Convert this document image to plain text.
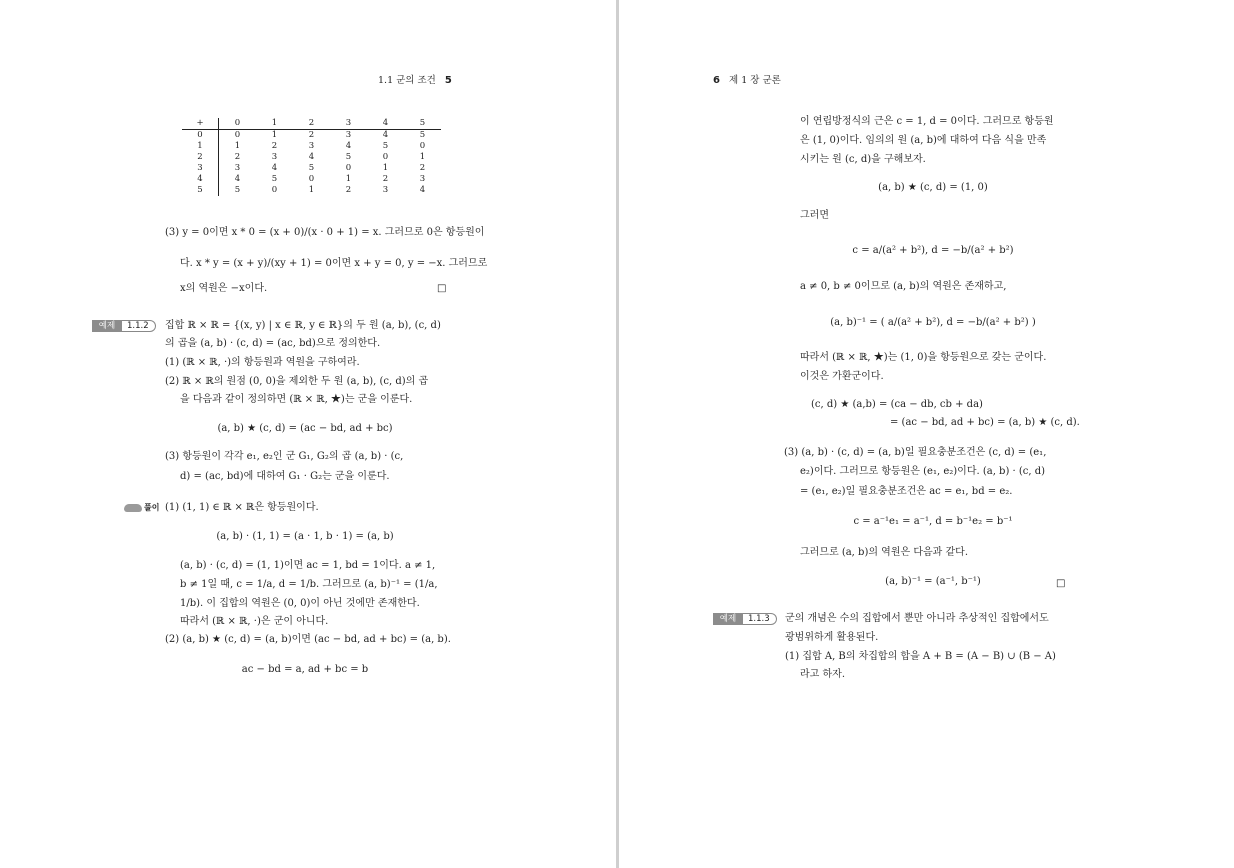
1.1 군의 조건 5
+	0	1	2	3	4	5
0	0	1	2	3	4	5
1	1	2	3	4	5	0
2	2	3	4	5	0	1
3	3	4	5	0	1	2
4	4	5	0	1	2	3
5	5	0	1	2	3	4
(3) y = 0이면 x * 0 = (x + 0)/(x · 0 + 1) = x. 그러므로 0은 항등원이
다. x * y = (x + y)/(xy + 1) = 0이면 x + y = 0, y = −x. 그러므로
x의 역원은 −x이다.	□
예제 1.1.2	집합 ℝ × ℝ = {(x, y) | x ∈ ℝ, y ∈ ℝ}의 두 원 (a, b), (c, d)
의 곱을 (a, b) · (c, d) = (ac, bd)으로 정의한다.
(1) (ℝ × ℝ, ·)의 항등원과 역원을 구하여라.
(2) ℝ × ℝ의 원점 (0, 0)을 제외한 두 원 (a, b), (c, d)의 곱
을 다음과 같이 정의하면 (ℝ × ℝ, ★)는 군을 이룬다.
(a, b) ★ (c, d) = (ac − bd, ad + bc)
(3) 항등원이 각각 e₁, e₂인 군 G₁, G₂의 곱 (a, b) · (c,
d) = (ac, bd)에 대하여 G₁ · G₂는 군을 이룬다.
풀이 (1) (1, 1) ∈ ℝ × ℝ은 항등원이다.
(a, b) · (1, 1) = (a · 1, b · 1) = (a, b)
(a, b) · (c, d) = (1, 1)이면 ac = 1, bd = 1이다. a ≠ 1,
b ≠ 1일 때, c = 1/a, d = 1/b. 그러므로 (a, b)⁻¹ = (1/a,
1/b). 이 집합의 역원은 (0, 0)이 아닌 것에만 존재한다.
따라서 (ℝ × ℝ, ·)은 군이 아니다.
(2) (a, b) ★ (c, d) = (a, b)이면 (ac − bd, ad + bc) = (a, b).
ac − bd = a, ad + bc = b
6 제 1 장 군론
이 연립방정식의 근은 c = 1, d = 0이다. 그러므로 항등원
은 (1, 0)이다. 임의의 원 (a, b)에 대하여 다음 식을 만족
시키는 원 (c, d)을 구해보자.
(a, b) ★ (c, d) = (1, 0)
그러면
c = a/(a² + b²), d = −b/(a² + b²)
a ≠ 0, b ≠ 0이므로 (a, b)의 역원은 존재하고,
(a, b)⁻¹ = ( a/(a² + b²), d = −b/(a² + b²) )
따라서 (ℝ × ℝ, ★)는 (1, 0)을 항등원으로 갖는 군이다.
이것은 가환군이다.
(c, d) ★ (a,b) = (ca − db, cb + da)
= (ac − bd, ad + bc) = (a, b) ★ (c, d).
(3) (a, b) · (c, d) = (a, b)일 필요충분조건은 (c, d) = (e₁,
e₂)이다. 그러므로 항등원은 (e₁, e₂)이다. (a, b) · (c, d)
= (e₁, e₂)일 필요충분조건은 ac = e₁, bd = e₂.
c = a⁻¹e₁ = a⁻¹, d = b⁻¹e₂ = b⁻¹
그러므로 (a, b)의 역원은 다음과 같다.
(a, b)⁻¹ = (a⁻¹, b⁻¹)	□
예제 1.1.3	군의 개념은 수의 집합에서 뿐만 아니라 추상적인 집합에서도
광범위하게 활용된다.
(1) 집합 A, B의 차집합의 합을 A + B = (A − B) ∪ (B − A)
라고 하자.
